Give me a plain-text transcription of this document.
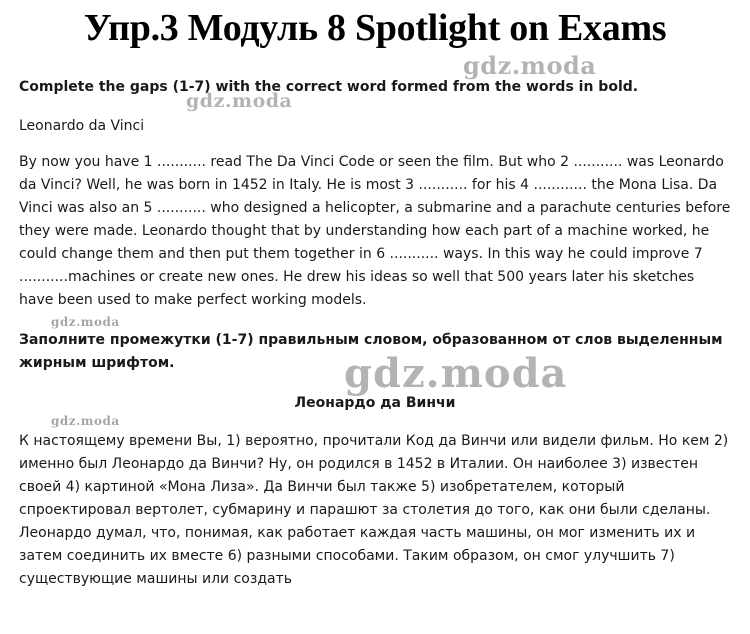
Упр.3 Модуль 8 Spotlight on Exams

Complete the gaps (1-7) with the correct word formed from the words in bold.

Leonardo da Vinci

By now you have 1 ........... read The Da Vinci Code or seen the film. But who 2 ........... was Leonardo da Vinci? Well, he was born in 1452 in Italy. He is most 3 ........... for his 4 ............ the Mona Lisa. Da Vinci was also an 5 ........... who designed a helicopter, a submarine and a parachute centuries before they were made. Leonardo thought that by understanding how each part of a machine worked, he could change them and then put them together in 6 ........... ways. In this way he could improve 7 ...........machines or create new ones. He drew his ideas so well that 500 years later his sketches have been used to make perfect working models.

Заполните промежутки (1-7) правильным словом, образованном от слов выделенным жирным шрифтом.

Леонардо да Винчи

К настоящему времени Вы, 1) вероятно, прочитали Код да Винчи или видели фильм. Но кем 2) именно был Леонардо да Винчи? Ну, он родился в 1452 в Италии. Он наиболее 3) известен своей 4) картиной «Мона Лиза». Да Винчи был также 5) изобретателем, который спроектировал вертолет, субмарину и парашют за столетия до того, как они были сделаны. Леонардо думал, что, понимая, как работает каждая часть машины, он мог изменить их и затем соединить их вместе 6) разными способами. Таким образом, он смог улучшить 7) существующие машины или создать

gdz.moda
gdz.moda
gdz.moda
gdz.moda
gdz.moda
